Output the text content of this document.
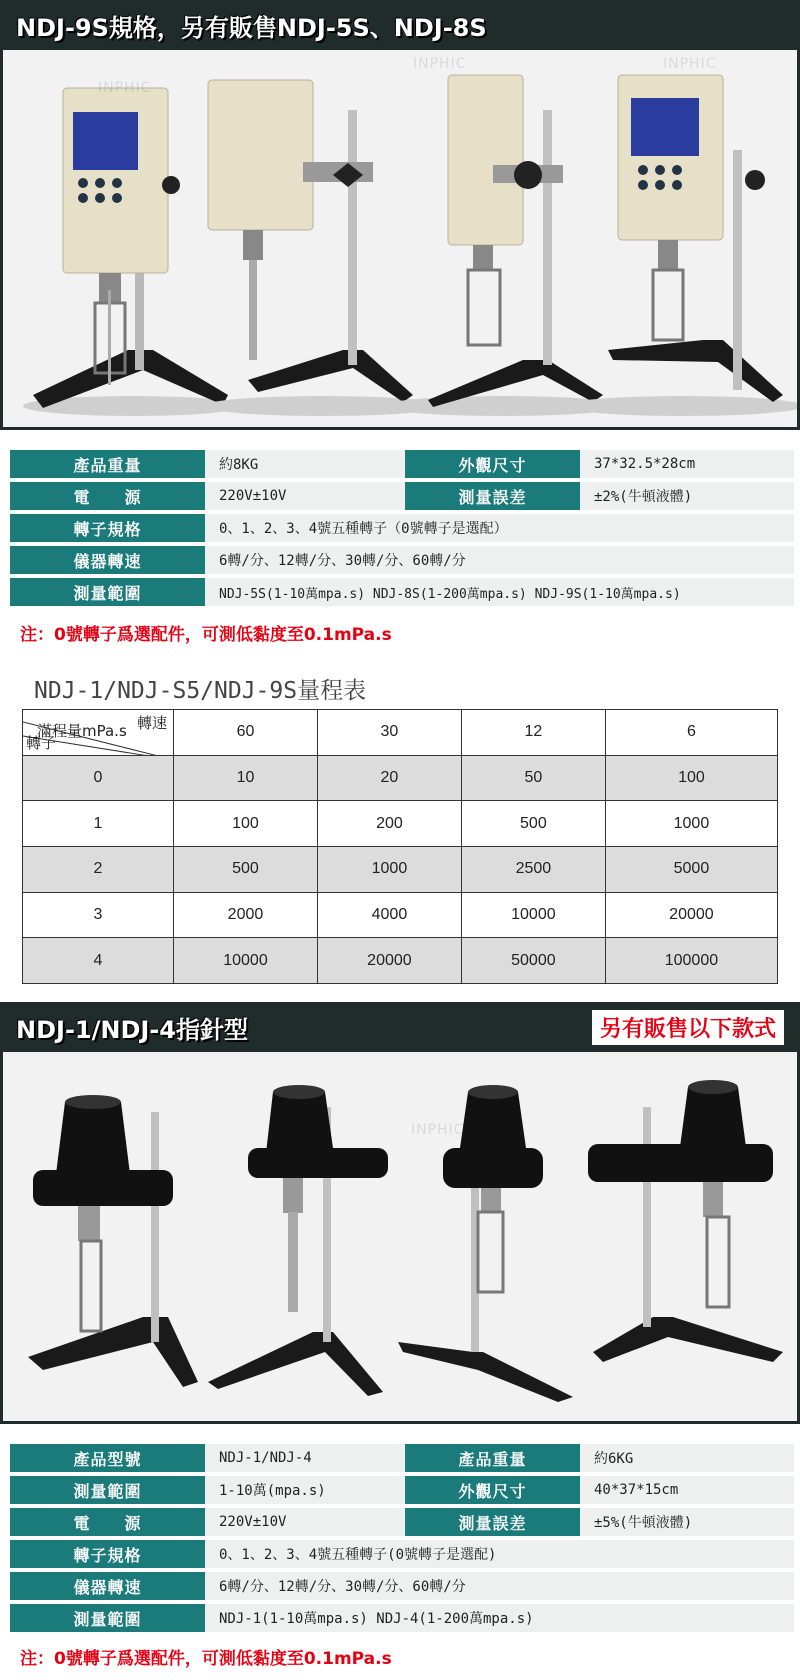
NDJ-9S規格，另有販售NDJ-5S、NDJ-8S
INPHIC
INPHIC	INPHIC
產品重量	約8KG	外觀尺寸	37*32.5*28cm
電　　源	220V±10V	測量誤差	±2%(牛頓液體)
轉子規格	0、1、2、3、4號五種轉子（0號轉子是選配）		
儀器轉速	6轉/分、12轉/分、30轉/分、60轉/分		
測量範圍	NDJ-5S(1-10萬mpa.s) NDJ-8S(1-200萬mpa.s) NDJ-9S(1-10萬mpa.s)		
注：0號轉子爲選配件，可測低黏度至0.1mPa.s
NDJ-1/NDJ-S5/NDJ-9S量程表
轉速
滿程量mPa.s
轉子	60	30	12	6
0	10	20	50	100
1	100	200	500	1000
2	500	1000	2500	5000
3	2000	4000	10000	20000
4	10000	20000	50000	100000
NDJ-1/NDJ-4指針型	另有販售以下款式
INPHIC
產品型號	NDJ-1/NDJ-4	產品重量	約6KG
測量範圍	1-10萬(mpa.s)	外觀尺寸	40*37*15cm
電　　源	220V±10V	測量誤差	±5%(牛頓液體)
轉子規格	0、1、2、3、4號五種轉子(0號轉子是選配)		
儀器轉速	6轉/分、12轉/分、30轉/分、60轉/分		
測量範圍	NDJ-1(1-10萬mpa.s) NDJ-4(1-200萬mpa.s)		
注：0號轉子爲選配件，可測低黏度至0.1mPa.s
